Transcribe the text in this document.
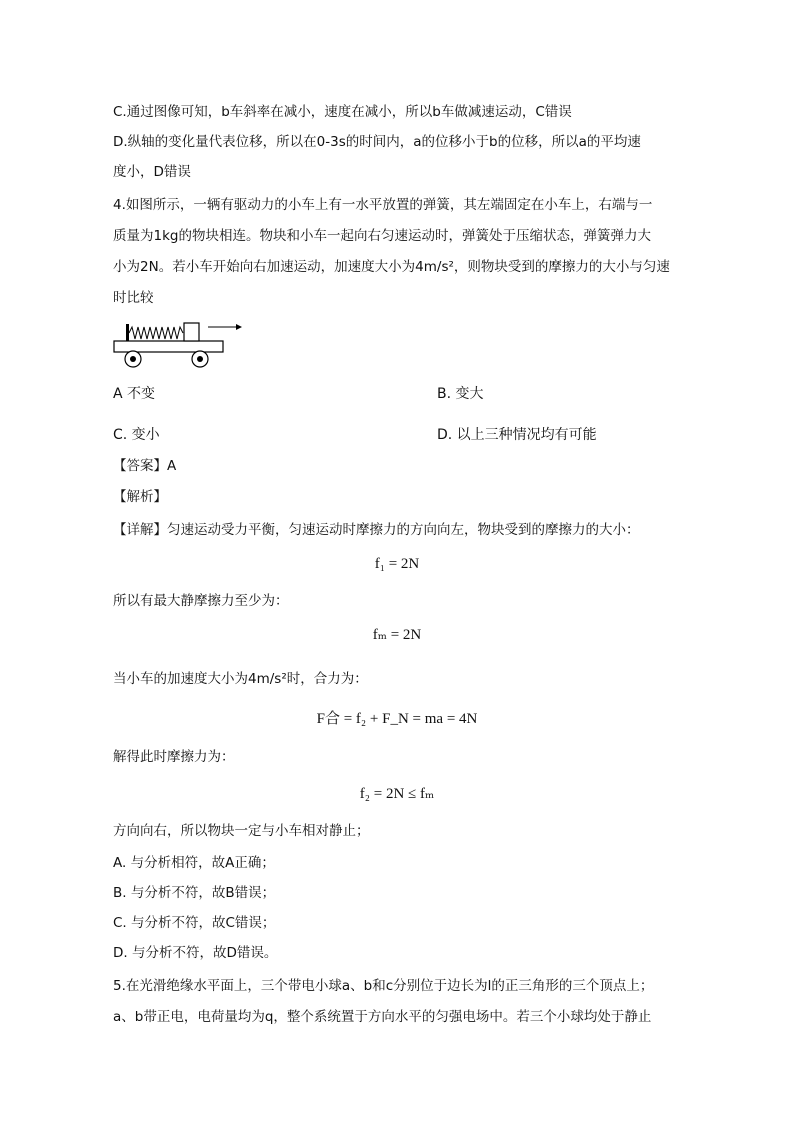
C.通过图像可知，b车斜率在减小，速度在减小，所以b车做减速运动，C错误
D.纵轴的变化量代表位移，所以在0-3s的时间内，a的位移小于b的位移，所以a的平均速
度小，D错误
4.如图所示，一辆有驱动力的小车上有一水平放置的弹簧，其左端固定在小车上，右端与一
质量为1kg的物块相连。物块和小车一起向右匀速运动时，弹簧处于压缩状态，弹簧弹力大
小为2N。若小车开始向右加速运动，加速度大小为4m/s²，则物块受到的摩擦力的大小与匀速
时比较
A 不变	B. 变大
C. 变小	D. 以上三种情况均有可能
【答案】A
【解析】
【详解】匀速运动受力平衡，匀速运动时摩擦力的方向向左，物块受到的摩擦力的大小：
f₁ = 2N
所以有最大静摩擦力至少为：
fₘ = 2N
当小车的加速度大小为4m/s²时，合力为：
F合 = f₂ + F_N = ma = 4N
解得此时摩擦力为：
f₂ = 2N ≤ fₘ
方向向右，所以物块一定与小车相对静止；
A. 与分析相符，故A正确；
B. 与分析不符，故B错误；
C. 与分析不符，故C错误；
D. 与分析不符，故D错误。
5.在光滑绝缘水平面上，三个带电小球a、b和c分别位于边长为l的正三角形的三个顶点上；
a、b带正电，电荷量均为q，整个系统置于方向水平的匀强电场中。若三个小球均处于静止
